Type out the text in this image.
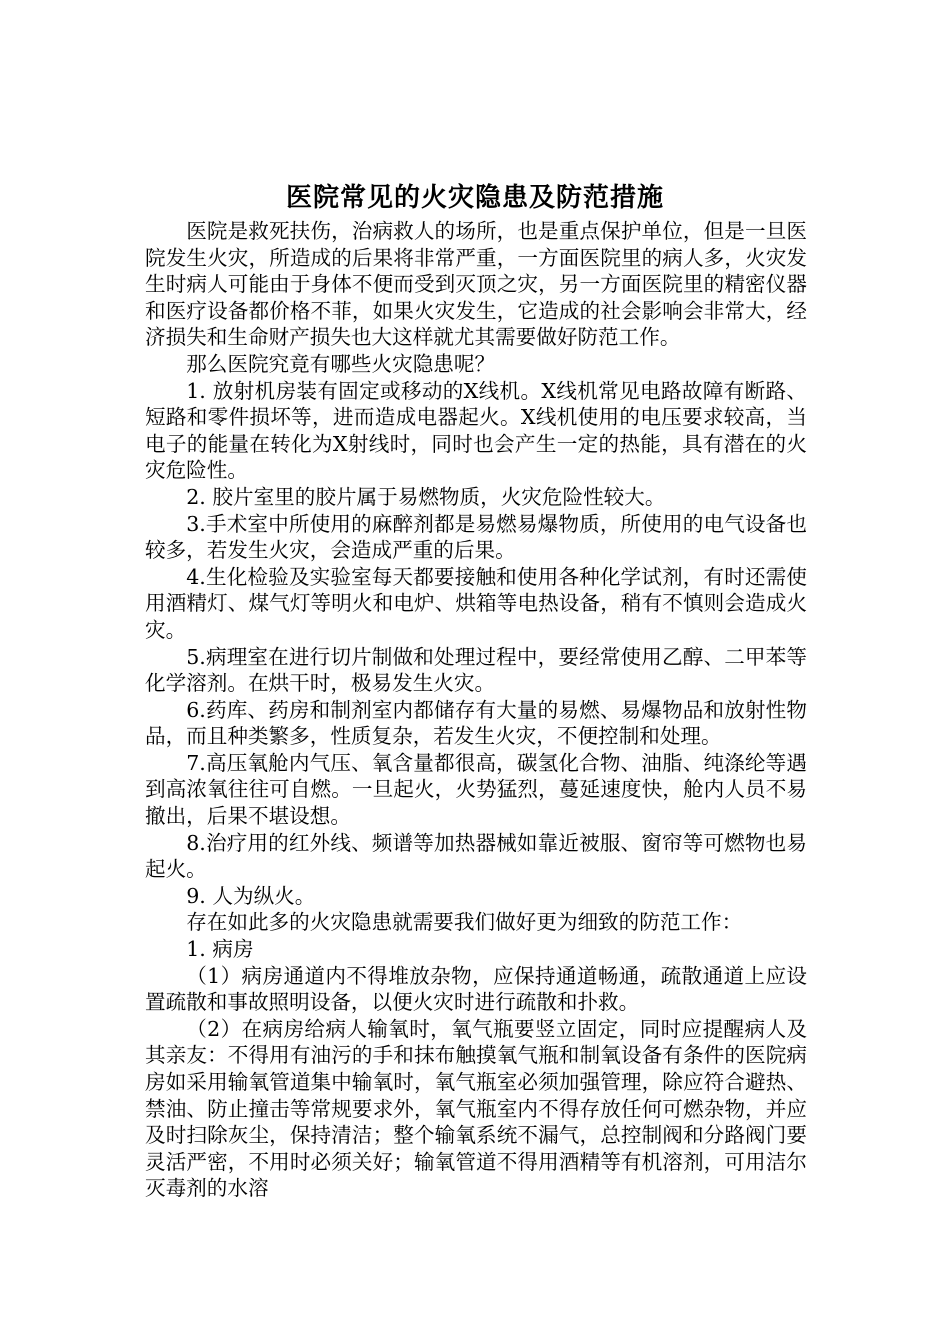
医院常见的火灾隐患及防范措施

医院是救死扶伤，治病救人的场所，也是重点保护单位，但是一旦医院发生火灾，所造成的后果将非常严重，一方面医院里的病人多，火灾发生时病人可能由于身体不便而受到灭顶之灾，另一方面医院里的精密仪器和医疗设备都价格不菲，如果火灾发生，它造成的社会影响会非常大，经济损失和生命财产损失也大这样就尤其需要做好防范工作。

那么医院究竟有哪些火灾隐患呢？

1. 放射机房装有固定或移动的X线机。X线机常见电路故障有断路、短路和零件损坏等，进而造成电器起火。X线机使用的电压要求较高，当电子的能量在转化为X射线时，同时也会产生一定的热能，具有潜在的火灾危险性。

2. 胶片室里的胶片属于易燃物质，火灾危险性较大。

3.手术室中所使用的麻醉剂都是易燃易爆物质，所使用的电气设备也较多，若发生火灾，会造成严重的后果。

4.生化检验及实验室每天都要接触和使用各种化学试剂，有时还需使用酒精灯、煤气灯等明火和电炉、烘箱等电热设备，稍有不慎则会造成火灾。

5.病理室在进行切片制做和处理过程中，要经常使用乙醇、二甲苯等化学溶剂。在烘干时，极易发生火灾。

6.药库、药房和制剂室内都储存有大量的易燃、易爆物品和放射性物品，而且种类繁多，性质复杂，若发生火灾，不便控制和处理。

7.高压氧舱内气压、氧含量都很高，碳氢化合物、油脂、纯涤纶等遇到高浓氧往往可自燃。一旦起火，火势猛烈，蔓延速度快，舱内人员不易撤出，后果不堪设想。

8.治疗用的红外线、频谱等加热器械如靠近被服、窗帘等可燃物也易起火。

9. 人为纵火。

存在如此多的火灾隐患就需要我们做好更为细致的防范工作：

1. 病房

（1）病房通道内不得堆放杂物，应保持通道畅通，疏散通道上应设置疏散和事故照明设备，以便火灾时进行疏散和扑救。

（2）在病房给病人输氧时，氧气瓶要竖立固定，同时应提醒病人及其亲友：不得用有油污的手和抹布触摸氧气瓶和制氧设备有条件的医院病房如采用输氧管道集中输氧时，氧气瓶室必须加强管理，除应符合避热、禁油、防止撞击等常规要求外，氧气瓶室内不得存放任何可燃杂物，并应及时扫除灰尘，保持清洁；整个输氧系统不漏气，总控制阀和分路阀门要灵活严密，不用时必须关好；输氧管道不得用酒精等有机溶剂，可用洁尔灭毒剂的水溶
